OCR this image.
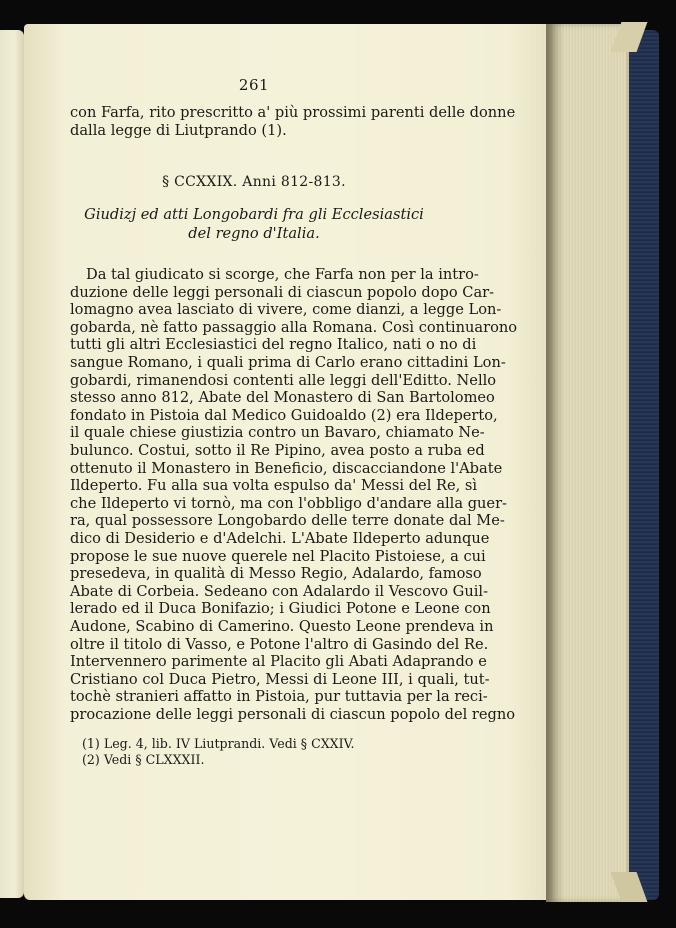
261
con Farfa, rito prescritto a' più prossimi parenti delle donne
dalla legge di Liutprando (1).
§ CCXXIX. Anni 812-813.
Giudizj ed atti Longobardi fra gli Ecclesiastici
del regno d'Italia.
Da tal giudicato si scorge, che Farfa non per la intro-
duzione delle leggi personali di ciascun popolo dopo Car-
lomagno avea lasciato di vivere, come dianzi, a legge Lon-
gobarda, nè fatto passaggio alla Romana. Così continuarono
tutti gli altri Ecclesiastici del regno Italico, nati o no di
sangue Romano, i quali prima di Carlo erano cittadini Lon-
gobardi, rimanendosi contenti alle leggi dell'Editto. Nello
stesso anno 812, Abate del Monastero di San Bartolomeo
fondato in Pistoia dal Medico Guidoaldo (2) era Ildeperto,
il quale chiese giustizia contro un Bavaro, chiamato Ne-
bulunco. Costui, sotto il Re Pipino, avea posto a ruba ed
ottenuto il Monastero in Beneficio, discacciandone l'Abate
Ildeperto. Fu alla sua volta espulso da' Messi del Re, sì
che Ildeperto vi tornò, ma con l'obbligo d'andare alla guer-
ra, qual possessore Longobardo delle terre donate dal Me-
dico di Desiderio e d'Adelchi. L'Abate Ildeperto adunque
propose le sue nuove querele nel Placito Pistoiese, a cui
presedeva, in qualità di Messo Regio, Adalardo, famoso
Abate di Corbeia. Sedeano con Adalardo il Vescovo Guil-
lerado ed il Duca Bonifazio; i Giudici Potone e Leone con
Audone, Scabino di Camerino. Questo Leone prendeva in
oltre il titolo di Vasso, e Potone l'altro di Gasindo del Re.
Intervennero parimente al Placito gli Abati Adaprando e
Cristiano col Duca Pietro, Messi di Leone III, i quali, tut-
tochè stranieri affatto in Pistoia, pur tuttavia per la reci-
procazione delle leggi personali di ciascun popolo del regno
(1) Leg. 4, lib. IV Liutprandi. Vedi § CXXIV.
(2) Vedi § CLXXXII.
